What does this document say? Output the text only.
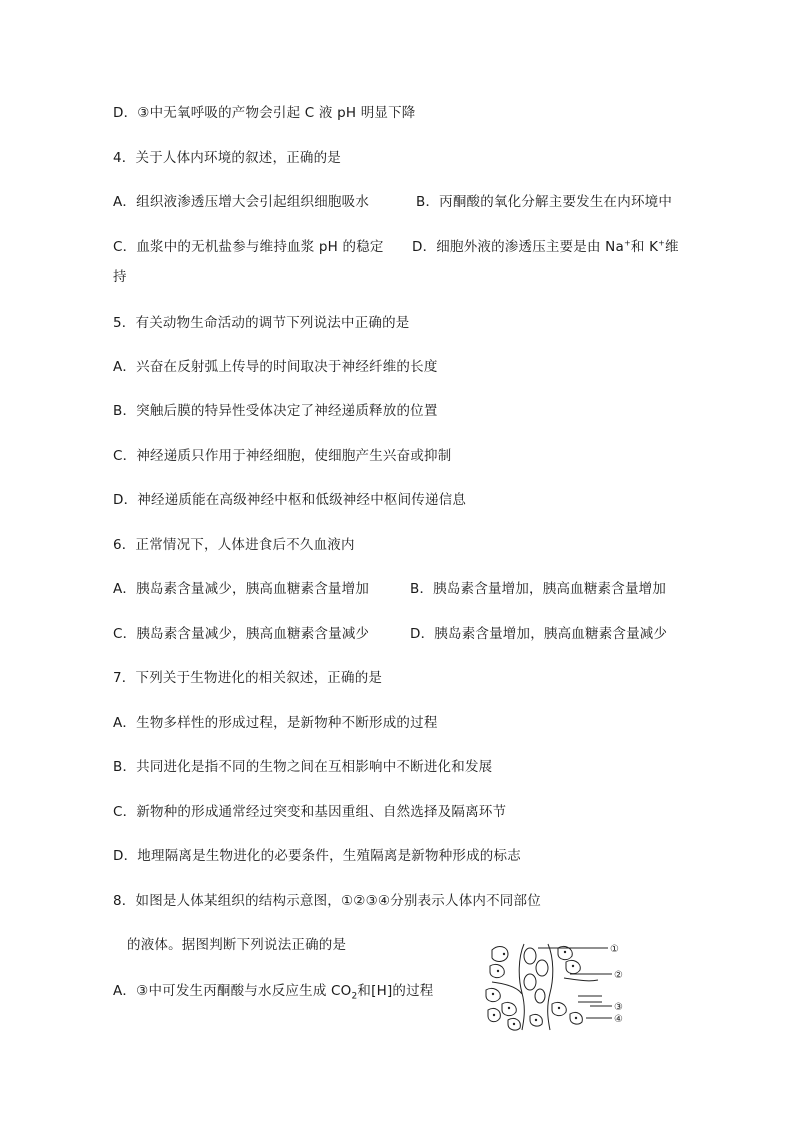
D．③中无氧呼吸的产物会引起 C 液 pH 明显下降
4．关于人体内环境的叙述，正确的是
A．组织液渗透压增大会引起组织细胞吸水	B．丙酮酸的氧化分解主要发生在内环境中
C．血浆中的无机盐参与维持血浆 pH 的稳定 D．细胞外液的渗透压主要是由 Na+和 K+维
持
5．有关动物生命活动的调节下列说法中正确的是
A．兴奋在反射弧上传导的时间取决于神经纤维的长度
B．突触后膜的特异性受体决定了神经递质释放的位置
C．神经递质只作用于神经细胞，使细胞产生兴奋或抑制
D．神经递质能在高级神经中枢和低级神经中枢间传递信息
6．正常情况下，人体进食后不久血液内
A．胰岛素含量减少，胰高血糖素含量增加	B．胰岛素含量增加，胰高血糖素含量增加
C．胰岛素含量减少，胰高血糖素含量减少	D．胰岛素含量增加，胰高血糖素含量减少
7．下列关于生物进化的相关叙述，正确的是
A．生物多样性的形成过程，是新物种不断形成的过程
B．共同进化是指不同的生物之间在互相影响中不断进化和发展
C．新物种的形成通常经过突变和基因重组、自然选择及隔离环节
D．地理隔离是生物进化的必要条件，生殖隔离是新物种形成的标志
8．如图是人体某组织的结构示意图，①②③④分别表示人体内不同部位
的液体。据图判断下列说法正确的是
A．③中可发生丙酮酸与水反应生成 $CO_2$和[H]的过程
①
②
③
④
